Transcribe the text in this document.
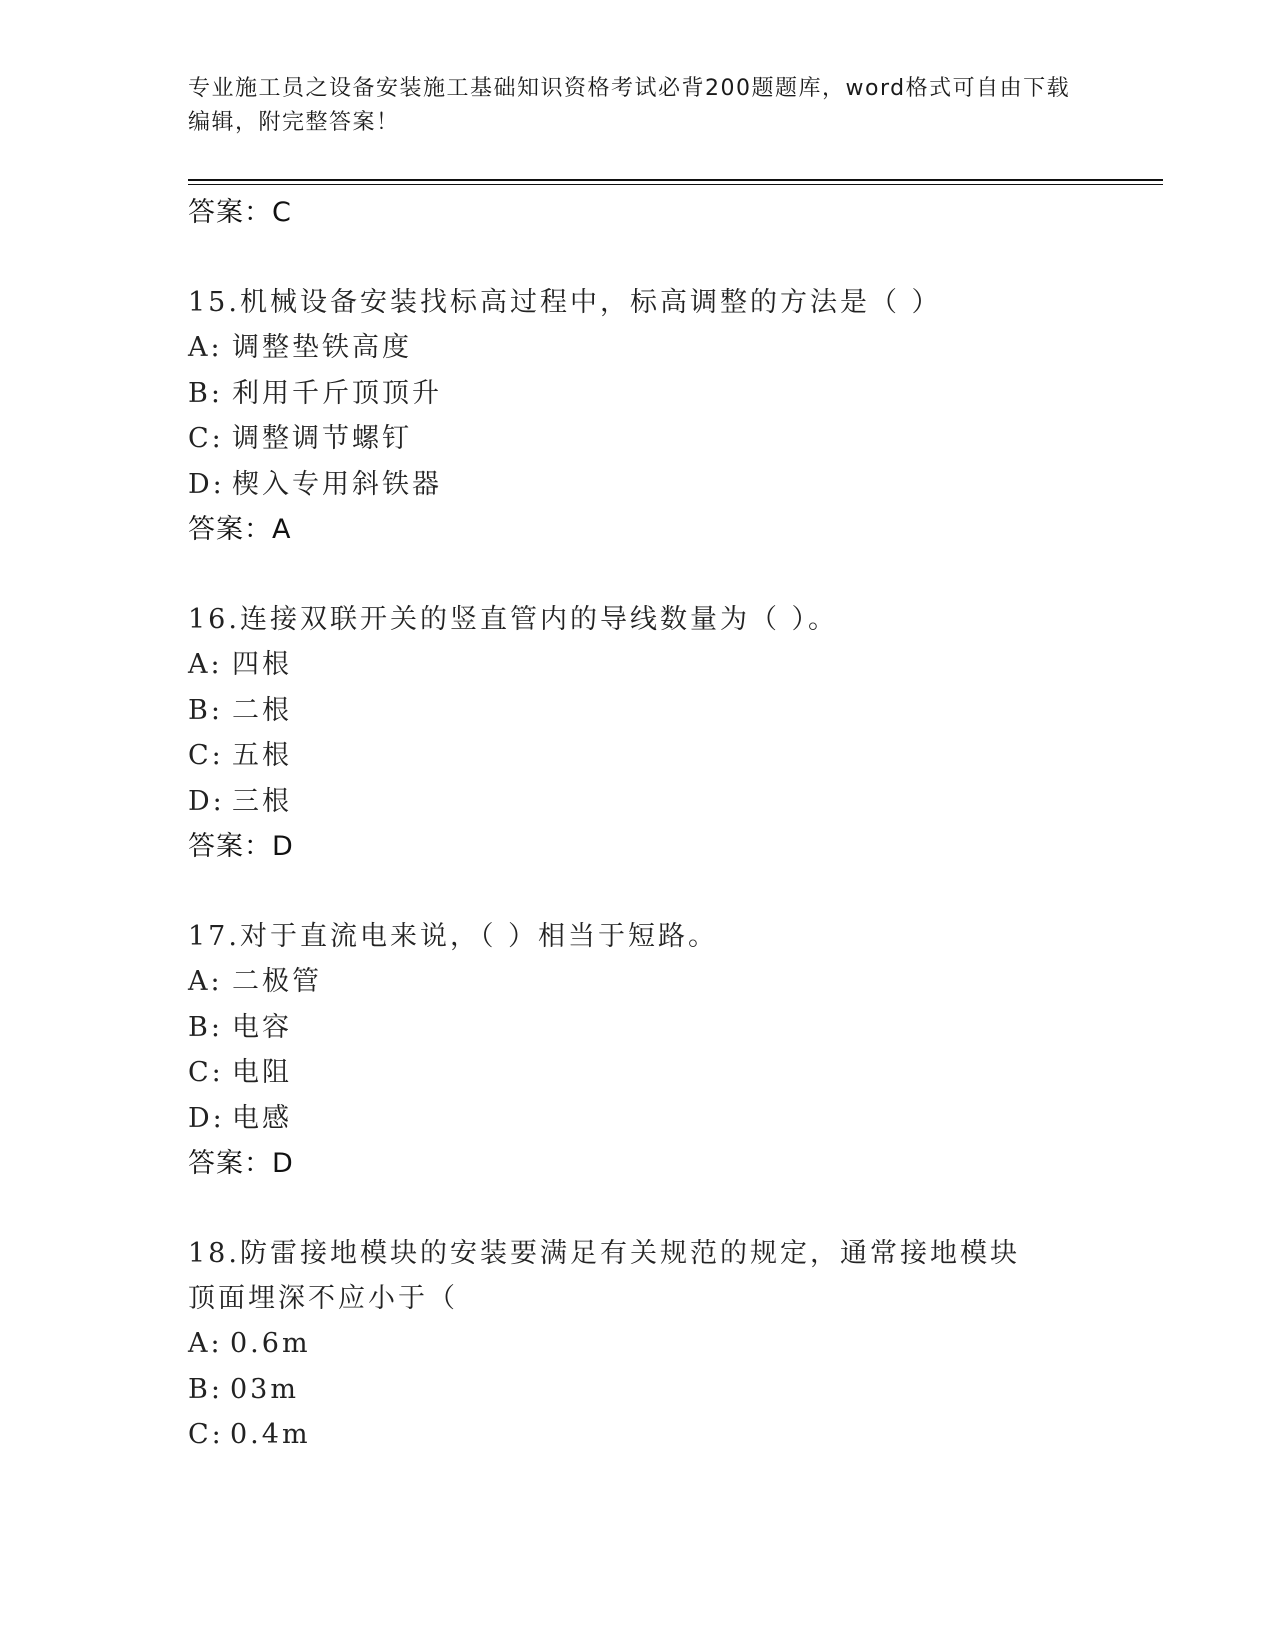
专业施工员之设备安装施工基础知识资格考试必背200题题库，word格式可自由下载编辑，附完整答案！
答案：C
15.机械设备安装找标高过程中，标高调整的方法是（ ）
A: 调整垫铁高度
B: 利用千斤顶顶升
C: 调整调节螺钉
D: 楔入专用斜铁器
答案：A
16.连接双联开关的竖直管内的导线数量为（ ）。
A: 四根
B: 二根
C: 五根
D: 三根
答案：D
17.对于直流电来说，（ ）相当于短路。
A: 二极管
B: 电容
C: 电阻
D: 电感
答案：D
18.防雷接地模块的安装要满足有关规范的规定，通常接地模块顶面埋深不应小于（
A: 0.6m
B: 03m
C: 0.4m
